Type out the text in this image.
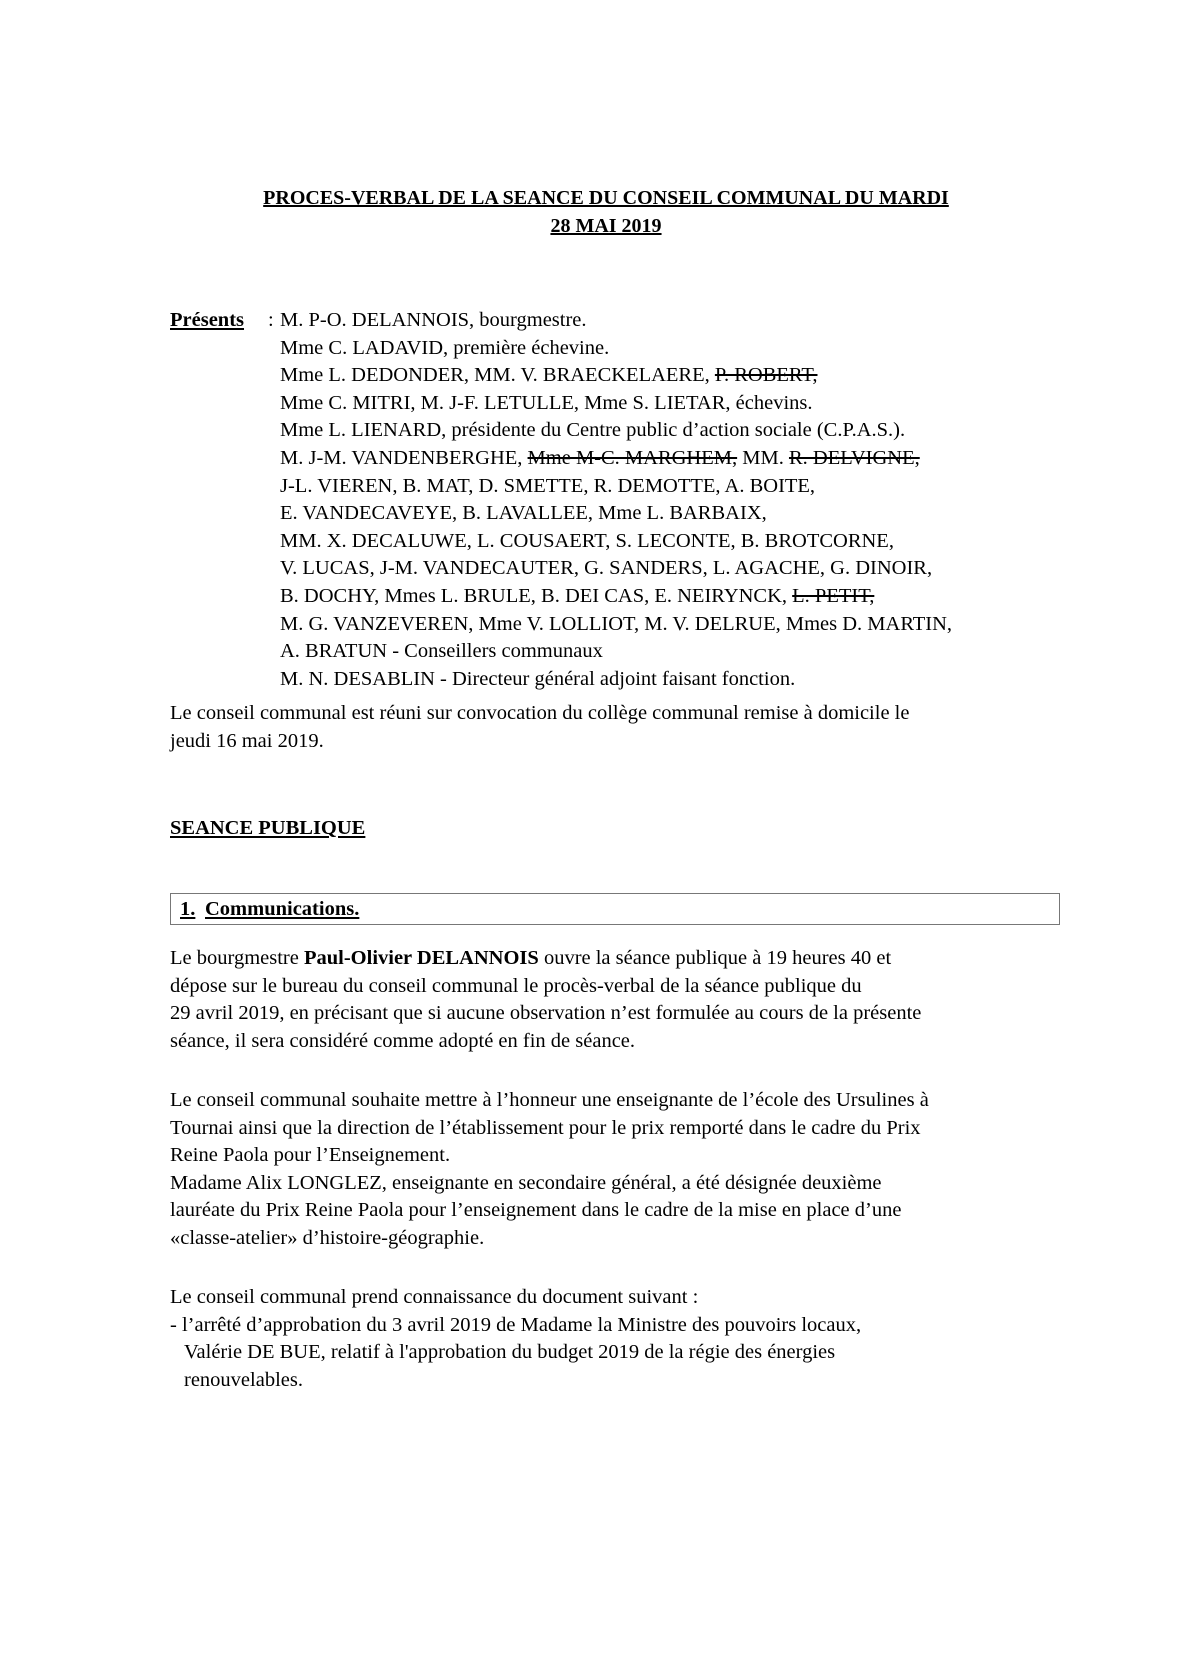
PROCES-VERBAL DE LA SEANCE DU CONSEIL COMMUNAL DU MARDI
28 MAI 2019
Présents : M. P-O. DELANNOIS, bourgmestre.
Mme C. LADAVID, première échevine.
Mme L. DEDONDER, MM. V. BRAECKELAERE, P. ROBERT,
Mme C. MITRI, M. J-F. LETULLE, Mme S. LIETAR, échevins.
Mme L. LIENARD, présidente du Centre public d’action sociale (C.P.A.S.).
M. J-M. VANDENBERGHE, Mme M-C. MARGHEM, MM. R. DELVIGNE,
J-L. VIEREN, B. MAT, D. SMETTE, R. DEMOTTE, A. BOITE,
E. VANDECAVEYE, B. LAVALLEE, Mme L. BARBAIX,
MM. X. DECALUWE, L. COUSAERT, S. LECONTE, B. BROTCORNE,
V. LUCAS, J-M. VANDECAUTER, G. SANDERS, L. AGACHE, G. DINOIR,
B. DOCHY, Mmes L. BRULE, B. DEI CAS, E. NEIRYNCK, L. PETIT,
M. G. VANZEVEREN, Mme V. LOLLIOT, M. V. DELRUE, Mmes D. MARTIN,
A. BRATUN - Conseillers communaux
M. N. DESABLIN - Directeur général adjoint faisant fonction.
Le conseil communal est réuni sur convocation du collège communal remise à domicile le
jeudi 16 mai 2019.
SEANCE PUBLIQUE
1. Communications.
Le bourgmestre Paul-Olivier DELANNOIS ouvre la séance publique à 19 heures 40 et
dépose sur le bureau du conseil communal le procès-verbal de la séance publique du
29 avril 2019, en précisant que si aucune observation n’est formulée au cours de la présente
séance, il sera considéré comme adopté en fin de séance.
Le conseil communal souhaite mettre à l’honneur une enseignante de l’école des Ursulines à
Tournai ainsi que la direction de l’établissement pour le prix remporté dans le cadre du Prix
Reine Paola pour l’Enseignement.
Madame Alix LONGLEZ, enseignante en secondaire général, a été désignée deuxième
lauréate du Prix Reine Paola pour l’enseignement dans le cadre de la mise en place d’une
«classe-atelier» d’histoire-géographie.
Le conseil communal prend connaissance du document suivant :
- l’arrêté d’approbation du 3 avril 2019 de Madame la Ministre des pouvoirs locaux,
Valérie DE BUE, relatif à l'approbation du budget 2019 de la régie des énergies
renouvelables.
